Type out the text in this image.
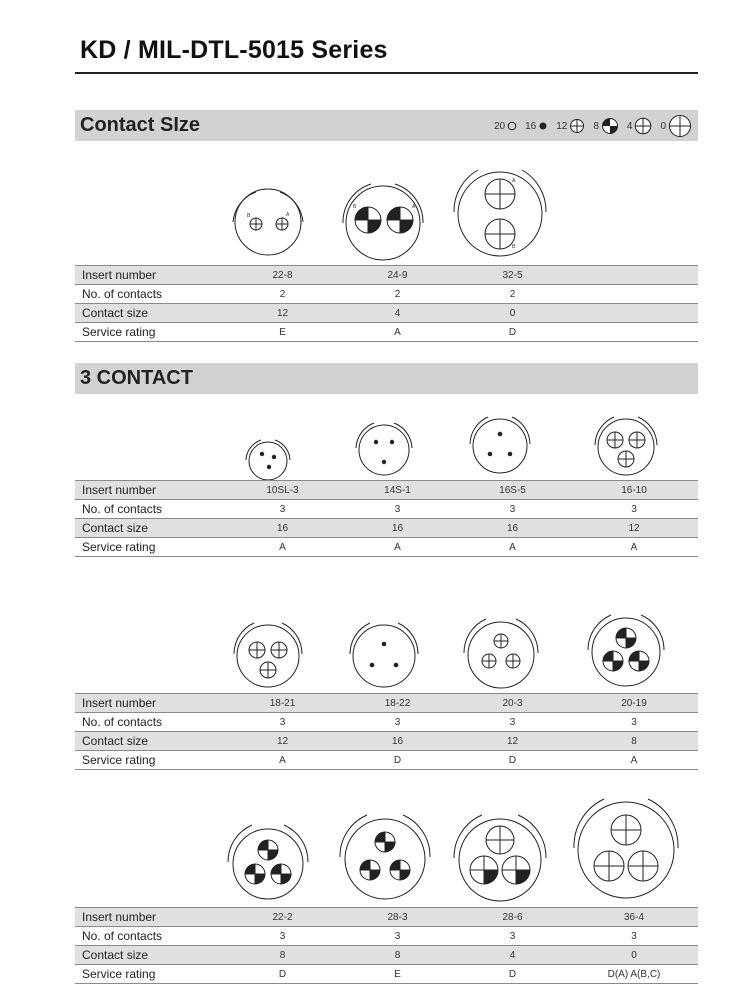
KD / MIL-DTL-5015 Series
Contact SIze	20 16 12	8	4	0
B	A
B	A
A
B
Insert number	22-8	24-9	32-5	
No. of contacts	2	2	2	
Contact size	12	4	0	
Service rating	E	A	D	
3 CONTACT
Insert number	10SL-3	14S-1	16S-5	16-10
No. of contacts	3	3	3	3
Contact size	16	16	16	12
Service rating	A	A	A	A
Insert number	18-21	18-22	20-3	20-19
No. of contacts	3	3	3	3
Contact size	12	16	12	8
Service rating	A	D	D	A
Insert number	22-2	28-3	28-6	36-4
No. of contacts	3	3	3	3
Contact size	8	8	4	0
Service rating	D	E	D	D(A) A(B,C)
